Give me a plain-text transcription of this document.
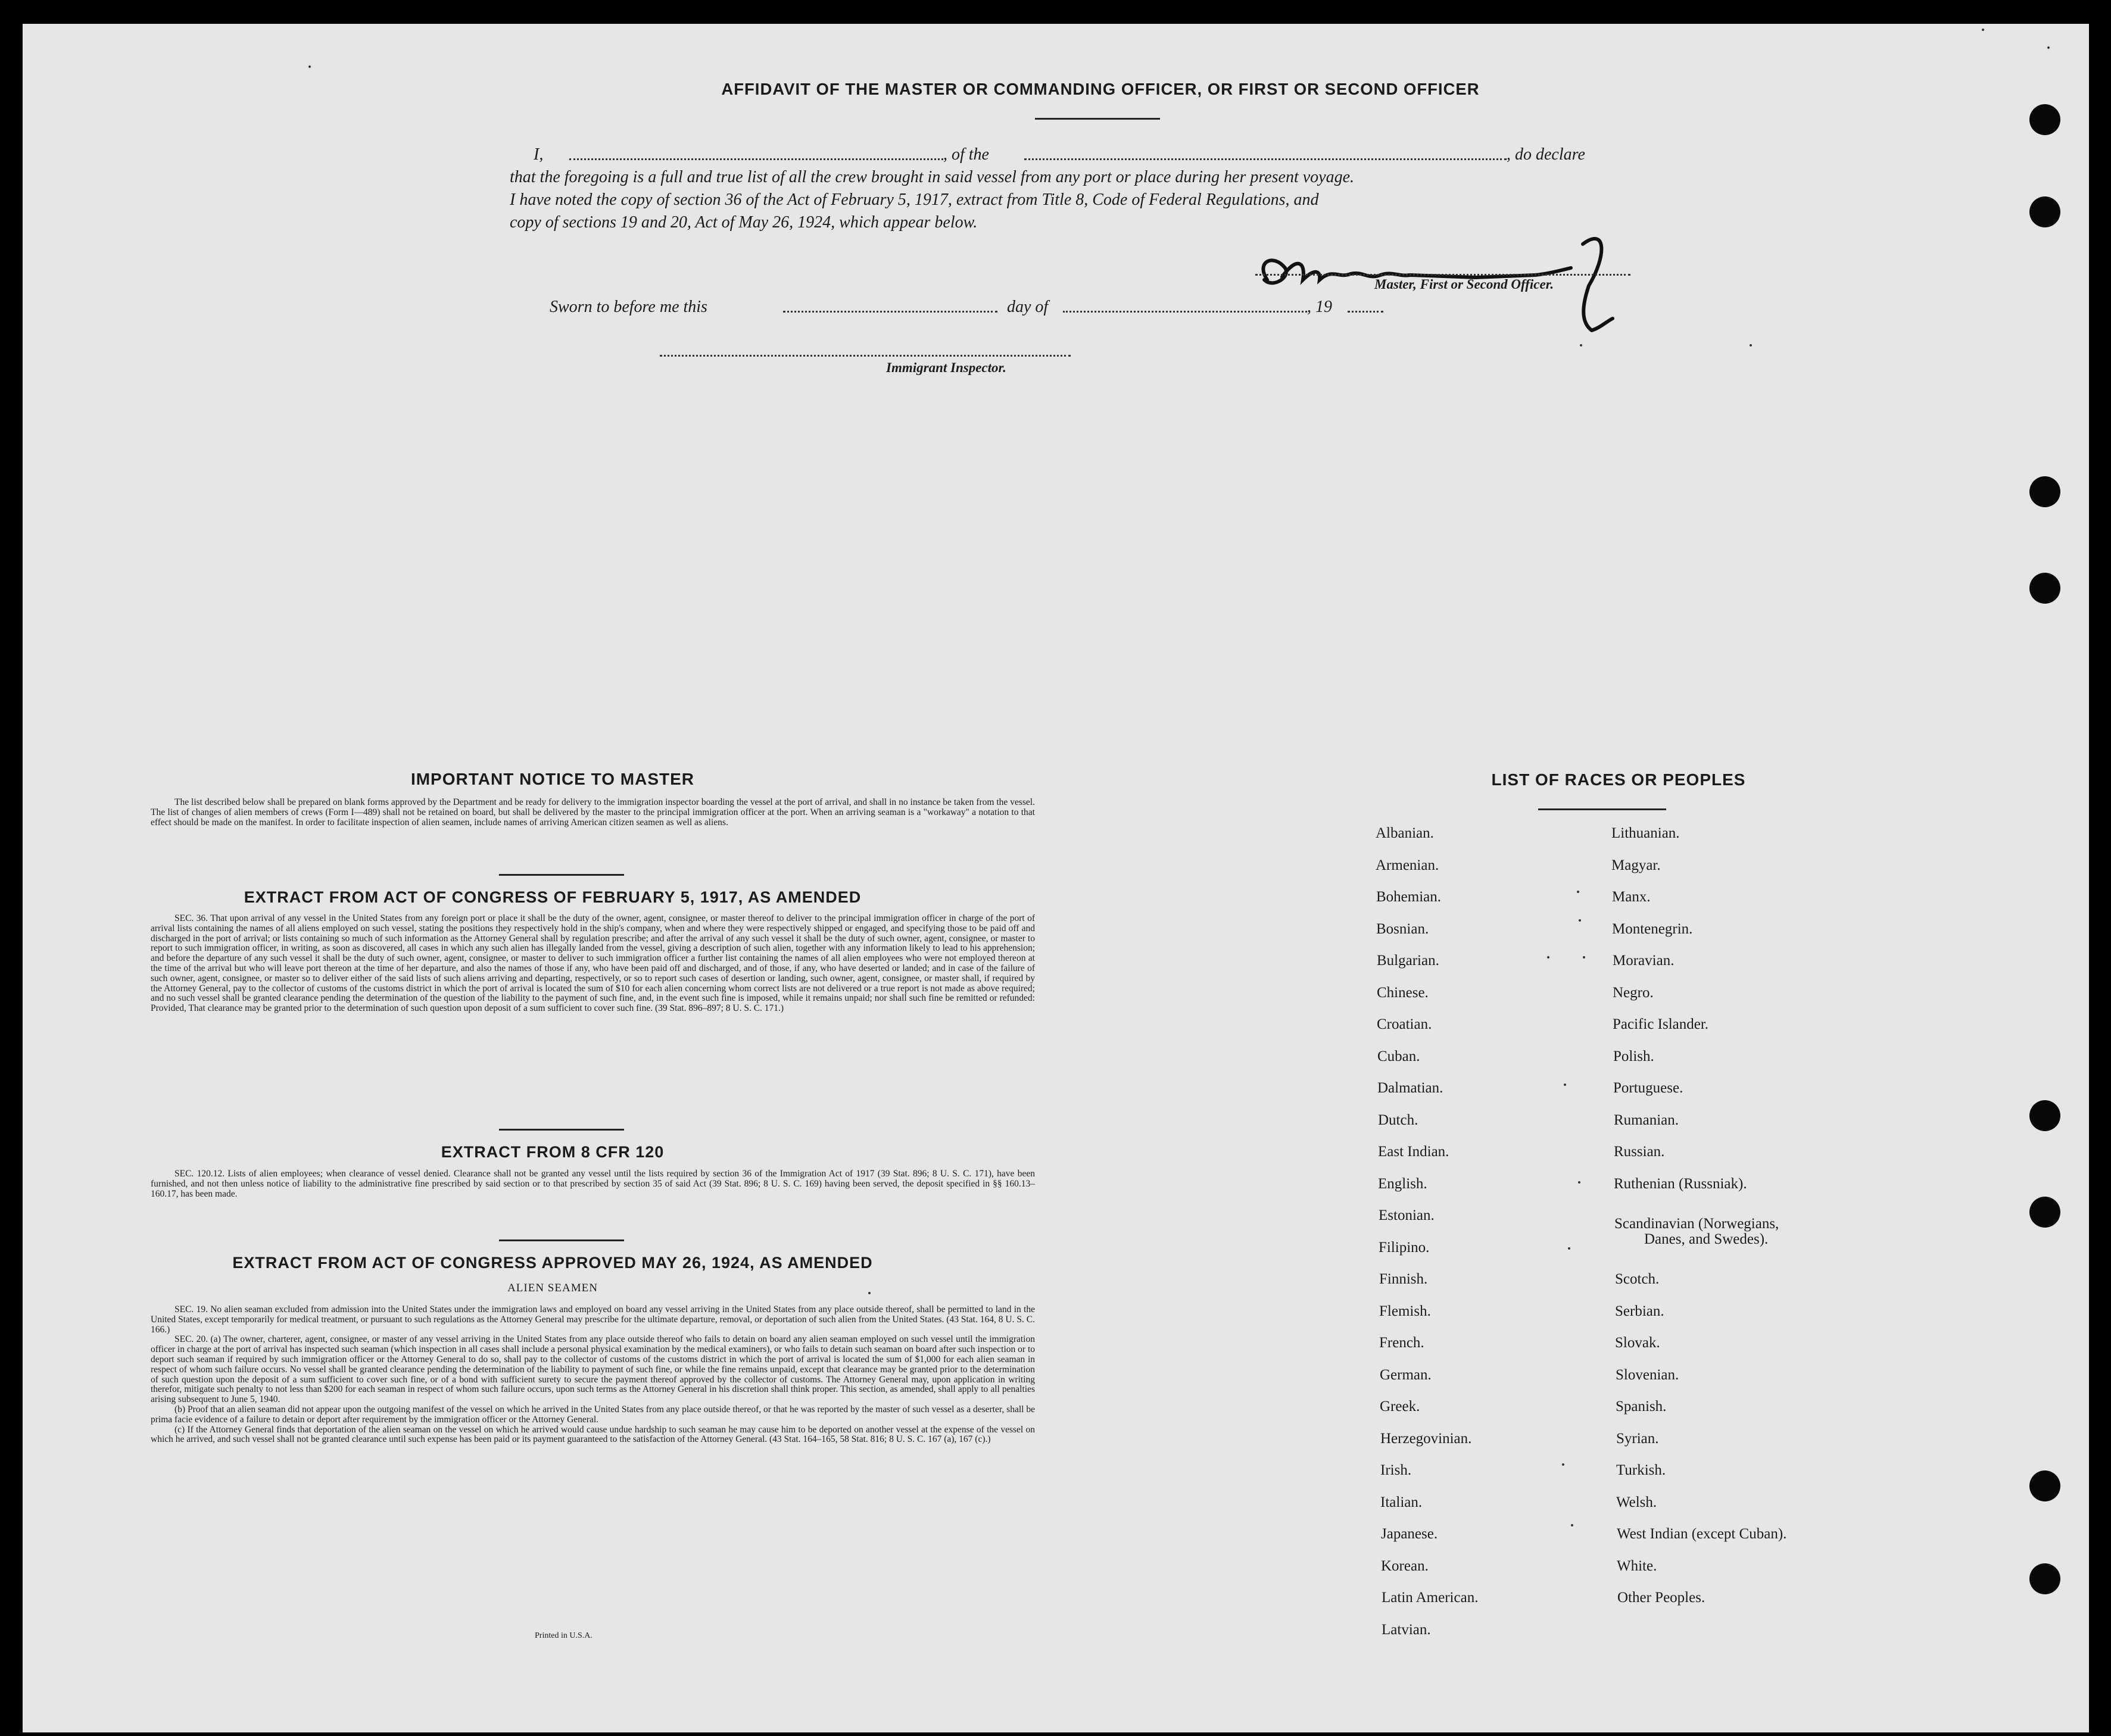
AFFIDAVIT OF THE MASTER OR COMMANDING OFFICER, OR FIRST OR SECOND OFFICER
I,	, of the	, do declare
that the foregoing is a full and true list of all the crew brought in said vessel from any port or place during her present voyage.
I have noted the copy of section 36 of the Act of February 5, 1917, extract from Title 8, Code of Federal Regulations, and
copy of sections 19 and 20, Act of May 26, 1924, which appear below.
Master, First or Second Officer.
Sworn to before me this	day of	, 19
Immigrant Inspector.
IMPORTANT NOTICE TO MASTER

The list described below shall be prepared on blank forms approved by the Department and be ready for delivery to the immigration inspector boarding the vessel at the port of arrival, and shall in no instance be taken from the vessel. The list of changes of alien members of crews (Form I—489) shall not be retained on board, but shall be delivered by the master to the principal immigration officer at the port. When an arriving seaman is a "workaway" a notation to that effect should be made on the manifest. In order to facilitate inspection of alien seamen, include names of arriving American citizen seamen as well as aliens.

EXTRACT FROM ACT OF CONGRESS OF FEBRUARY 5, 1917, AS AMENDED

SEC. 36. That upon arrival of any vessel in the United States from any foreign port or place it shall be the duty of the owner, agent, consignee, or master thereof to deliver to the principal immigration officer in charge of the port of arrival lists containing the names of all aliens employed on such vessel, stating the positions they respectively hold in the ship's company, when and where they were respectively shipped or engaged, and specifying those to be paid off and discharged in the port of arrival; or lists containing so much of such information as the Attorney General shall by regulation prescribe; and after the arrival of any such vessel it shall be the duty of such owner, agent, consignee, or master to report to such immigration officer, in writing, as soon as discovered, all cases in which any such alien has illegally landed from the vessel, giving a description of such alien, together with any information likely to lead to his apprehension; and before the departure of any such vessel it shall be the duty of such owner, agent, consignee, or master to deliver to such immigration officer a further list containing the names of all alien employees who were not employed thereon at the time of the arrival but who will leave port thereon at the time of her departure, and also the names of those if any, who have been paid off and discharged, and of those, if any, who have deserted or landed; and in case of the failure of such owner, agent, consignee, or master so to deliver either of the said lists of such aliens arriving and departing, respectively, or so to report such cases of desertion or landing, such owner, agent, consignee, or master shall, if required by the Attorney General, pay to the collector of customs of the customs district in which the port of arrival is located the sum of $10 for each alien concerning whom correct lists are not delivered or a true report is not made as above required; and no such vessel shall be granted clearance pending the determination of the question of the liability to the payment of such fine, and, in the event such fine is imposed, while it remains unpaid; nor shall such fine be remitted or refunded: Provided, That clearance may be granted prior to the determination of such question upon deposit of a sum sufficient to cover such fine. (39 Stat. 896–897; 8 U. S. C. 171.)

EXTRACT FROM 8 CFR 120

SEC. 120.12. Lists of alien employees; when clearance of vessel denied. Clearance shall not be granted any vessel until the lists required by section 36 of the Immigration Act of 1917 (39 Stat. 896; 8 U. S. C. 171), have been furnished, and not then unless notice of liability to the administrative fine prescribed by said section or to that prescribed by section 35 of said Act (39 Stat. 896; 8 U. S. C. 169) having been served, the deposit specified in §§ 160.13–160.17, has been made.

EXTRACT FROM ACT OF CONGRESS APPROVED MAY 26, 1924, AS AMENDED
ALIEN SEAMEN

SEC. 19. No alien seaman excluded from admission into the United States under the immigration laws and employed on board any vessel arriving in the United States from any place outside thereof, shall be permitted to land in the United States, except temporarily for medical treatment, or pursuant to such regulations as the Attorney General may prescribe for the ultimate departure, removal, or deportation of such alien from the United States. (43 Stat. 164, 8 U. S. C. 166.)

SEC. 20. (a) The owner, charterer, agent, consignee, or master of any vessel arriving in the United States from any place outside thereof who fails to detain on board any alien seaman employed on such vessel until the immigration officer in charge at the port of arrival has inspected such seaman (which inspection in all cases shall include a personal physical examination by the medical examiners), or who fails to detain such seaman on board after such inspection or to deport such seaman if required by such immigration officer or the Attorney General to do so, shall pay to the collector of customs of the customs district in which the port of arrival is located the sum of $1,000 for each alien seaman in respect of whom such failure occurs. No vessel shall be granted clearance pending the determination of the liability to payment of such fine, or while the fine remains unpaid, except that clearance may be granted prior to the determination of such question upon the deposit of a sum sufficient to cover such fine, or of a bond with sufficient surety to secure the payment thereof approved by the collector of customs. The Attorney General may, upon application in writing therefor, mitigate such penalty to not less than $200 for each seaman in respect of whom such failure occurs, upon such terms as the Attorney General in his discretion shall think proper. This section, as amended, shall apply to all penalties arising subsequent to June 5, 1940.

(b) Proof that an alien seaman did not appear upon the outgoing manifest of the vessel on which he arrived in the United States from any place outside thereof, or that he was reported by the master of such vessel as a deserter, shall be prima facie evidence of a failure to detain or deport after requirement by the immigration officer or the Attorney General.

(c) If the Attorney General finds that deportation of the alien seaman on the vessel on which he arrived would cause undue hardship to such seaman he may cause him to be deported on another vessel at the expense of the vessel on which he arrived, and such vessel shall not be granted clearance until such expense has been paid or its payment guaranteed to the satisfaction of the Attorney General. (43 Stat. 164–165, 58 Stat. 816; 8 U. S. C. 167 (a), 167 (c).)

Printed in U.S.A.
LIST OF RACES OR PEOPLES
Albanian.
Armenian.
Bohemian.
Bosnian.
Bulgarian.
Chinese.
Croatian.
Cuban.
Dalmatian.
Dutch.
East Indian.
English.
Estonian.
Filipino.
Finnish.
Flemish.
French.
German.
Greek.
Herzegovinian.
Irish.
Italian.
Japanese.
Korean.
Latin American.
Latvian.
Lithuanian.
Magyar.
Manx.
Montenegrin.
Moravian.
Negro.
Pacific Islander.
Polish.
Portuguese.
Rumanian.
Russian.
Ruthenian (Russniak).
Scandinavian (Norwegians,
Danes, and Swedes).
Scotch.
Serbian.
Slovak.
Slovenian.
Spanish.
Syrian.
Turkish.
Welsh.
West Indian (except Cuban).
White.
Other Peoples.
